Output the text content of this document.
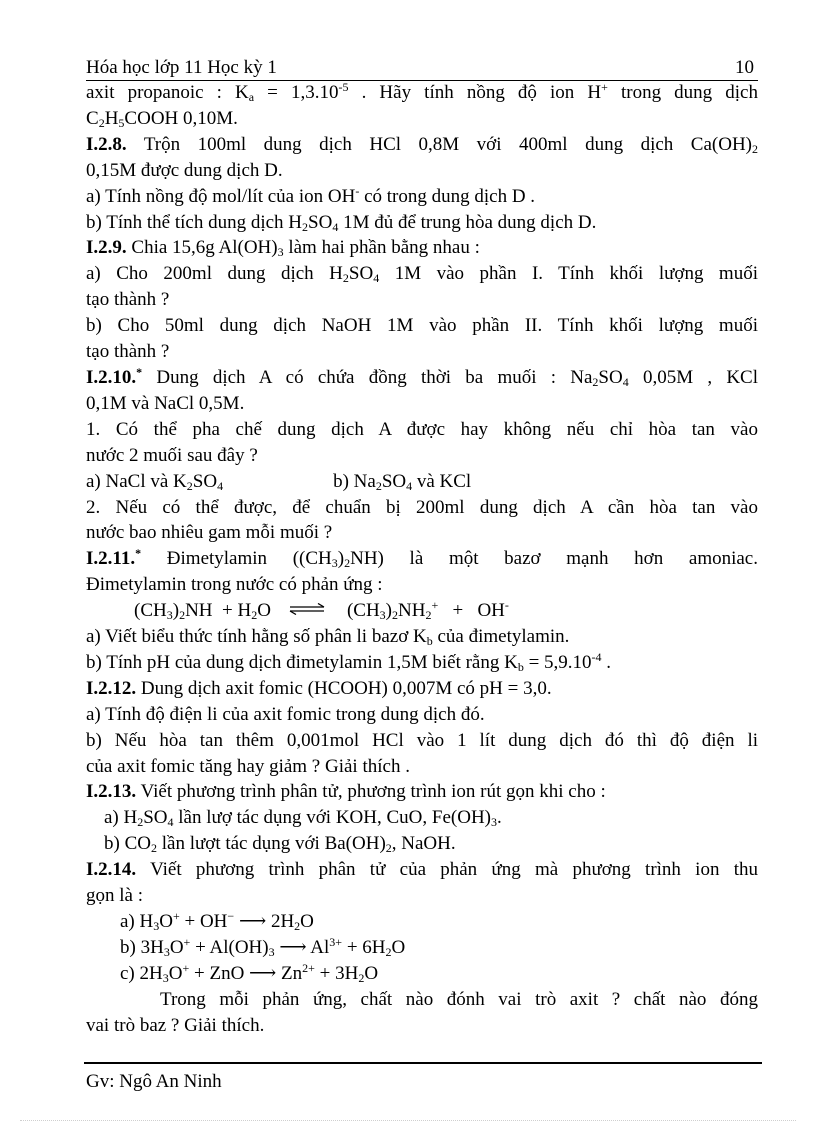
Hóa học lớp 11 Học kỳ 1	10

axit propanoic : $K_a = 1,3.10^{-5}$ . Hãy tính nồng độ ion H+ trong dung dịch

$C_2H_5COOH$ 0,10M.

I.2.8. Trộn 100ml dung dịch HCl 0,8M với 400ml dung dịch $Ca(OH)_2$

0,15M được dung dịch D.

a) Tính nồng độ mol/lít của ion OH- có trong dung dịch D .

b) Tính thể tích dung dịch $H_2SO_4$ 1M đủ để trung hòa dung dịch D.

I.2.9. Chia 15,6g $Al(OH)_3$ làm hai phần bằng nhau :

a) Cho 200ml dung dịch $H_2SO_4$ 1M vào phần I. Tính khối lượng muối

tạo thành ?

b) Cho 50ml dung dịch NaOH 1M vào phần II. Tính khối lượng muối

tạo thành ?

I.2.10.* Dung dịch A có chứa đồng thời ba muối : $Na_2SO_4$ 0,05M , KCl

0,1M và NaCl 0,5M.

1. Có thể pha chế dung dịch A được hay không nếu chỉ hòa tan vào

nước 2 muối sau đây ?

a) NaCl và $K_2SO_4$	b) $Na_2SO_4$ và KCl

2. Nếu có thể được, để chuẩn bị 200ml dung dịch A cần hòa tan vào

nước bao nhiêu gam mỗi muối ?

I.2.11.* Đimetylamin $((CH_3)_2NH)$ là một bazơ mạnh hơn amoniac.

Đimetylamin trong nước có phản ứng :

$(CH_3)_2NH + H_2O$ ⇌ $(CH_3)_2NH_2^+ + OH^-$

a) Viết biểu thức tính hằng số phân li bazơ $K_b$ của đimetylamin.

b) Tính pH của dung dịch đimetylamin 1,5M biết rằng $K_b = 5,9.10^{-4}$ .

I.2.12. Dung dịch axit fomic (HCOOH) 0,007M có pH = 3,0.

a) Tính độ điện li của axit fomic trong dung dịch đó.

b) Nếu hòa tan thêm 0,001mol HCl vào 1 lít dung dịch đó thì độ điện li

của axit fomic tăng hay giảm ? Giải thích .

I.2.13. Viết phương trình phân tử, phương trình ion rút gọn khi cho :

a) $H_2SO_4$ lần lượ tác dụng với KOH, CuO, $Fe(OH)_3$.

b) $CO_2$ lần lượt tác dụng với $Ba(OH)_2$, NaOH.

I.2.14. Viết phương trình phân tử của phản ứng mà phương trình ion thu

gọn là :

a) $H_3O^+ + OH^-$ ⟶ $2H_2O$

b) $3H_3O^+ + Al(OH)_3$ ⟶ $Al^{3+} + 6H_2O$

c) $2H_3O^+$ + ZnO ⟶ $Zn^{2+} + 3H_2O$

Trong mỗi phản ứng, chất nào đónh vai trò axit ? chất nào đóng

vai trò baz ? Giải thích.

Gv: Ngô An Ninh
